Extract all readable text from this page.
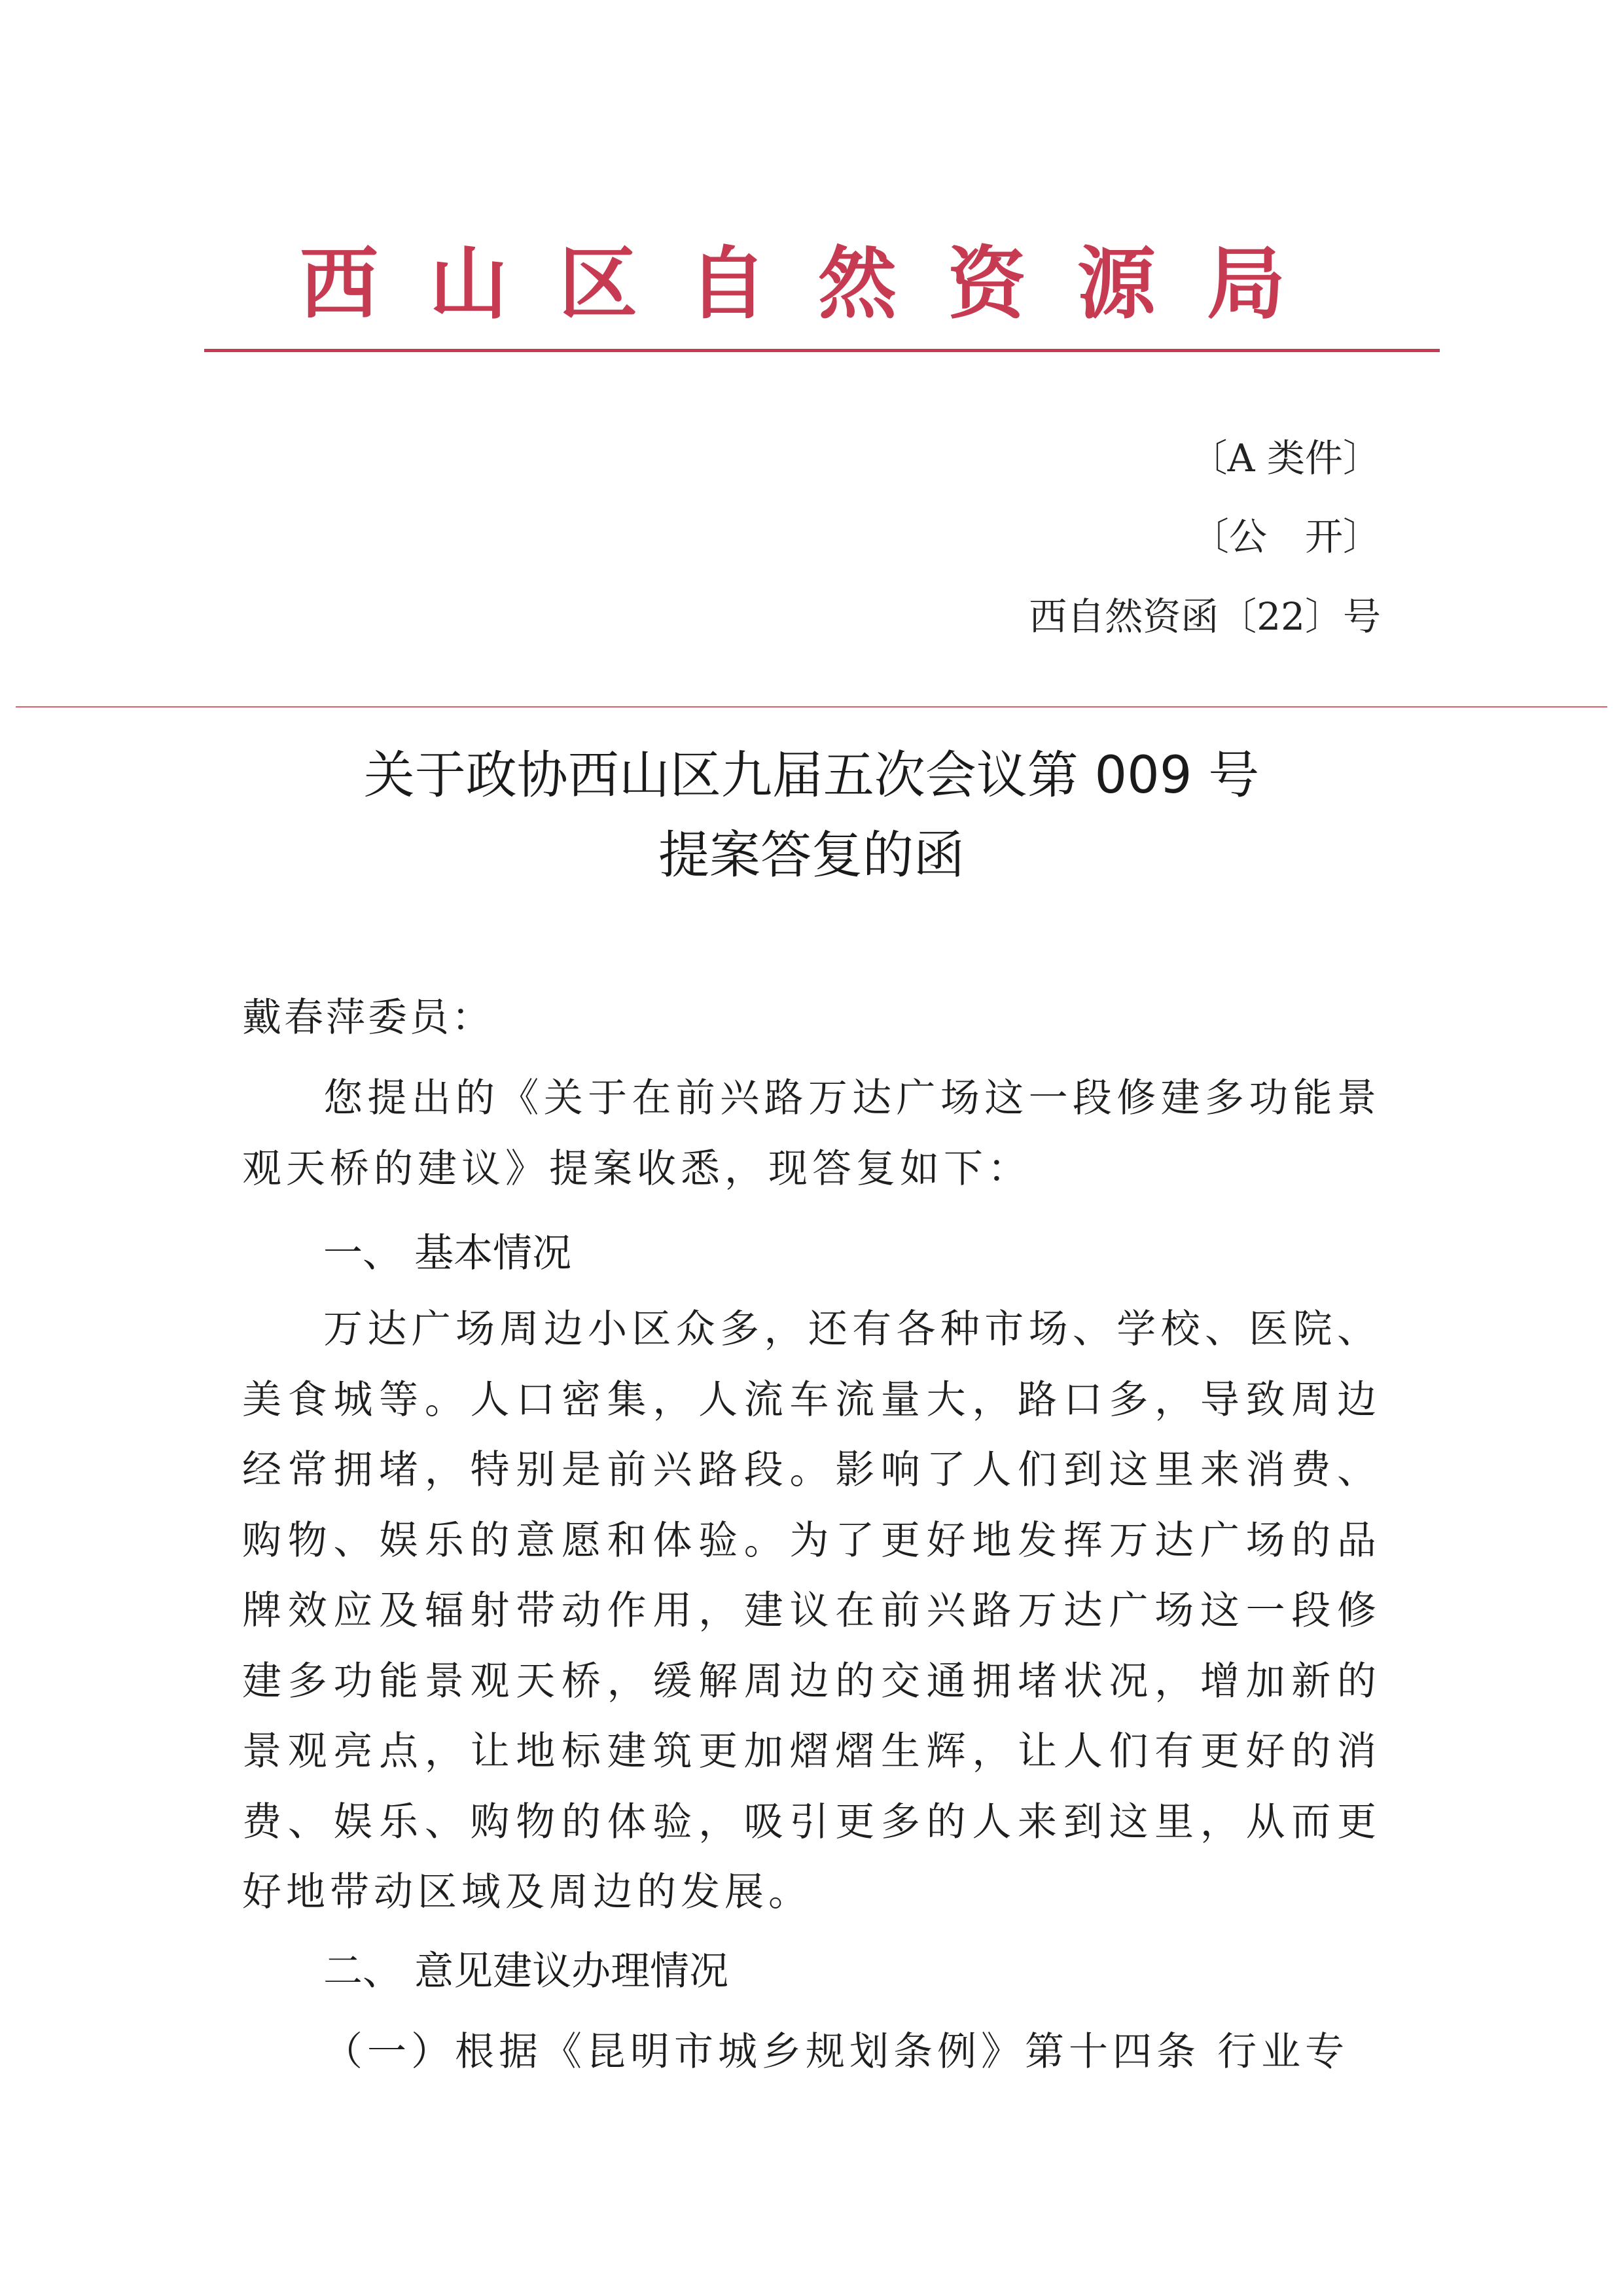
西山区自然资源局
〔A 类件〕
〔公　开〕
西自然资函〔22〕号
关于政协西山区九届五次会议第 009 号
提案答复的函
戴春萍委员：

您提出的《关于在前兴路万达广场这一段修建多功能景观天桥的建议》提案收悉，现答复如下：

一、 基本情况

万达广场周边小区众多，还有各种市场、学校、医院、美食城等。人口密集，人流车流量大，路口多，导致周边经常拥堵，特别是前兴路段。影响了人们到这里来消费、购物、娱乐的意愿和体验。为了更好地发挥万达广场的品牌效应及辐射带动作用，建议在前兴路万达广场这一段修建多功能景观天桥，缓解周边的交通拥堵状况，增加新的景观亮点，让地标建筑更加熠熠生辉，让人们有更好的消费、娱乐、购物的体验，吸引更多的人来到这里，从而更好地带动区域及周边的发展。

二、 意见建议办理情况

（一）根据《昆明市城乡规划条例》第十四条 行业专
